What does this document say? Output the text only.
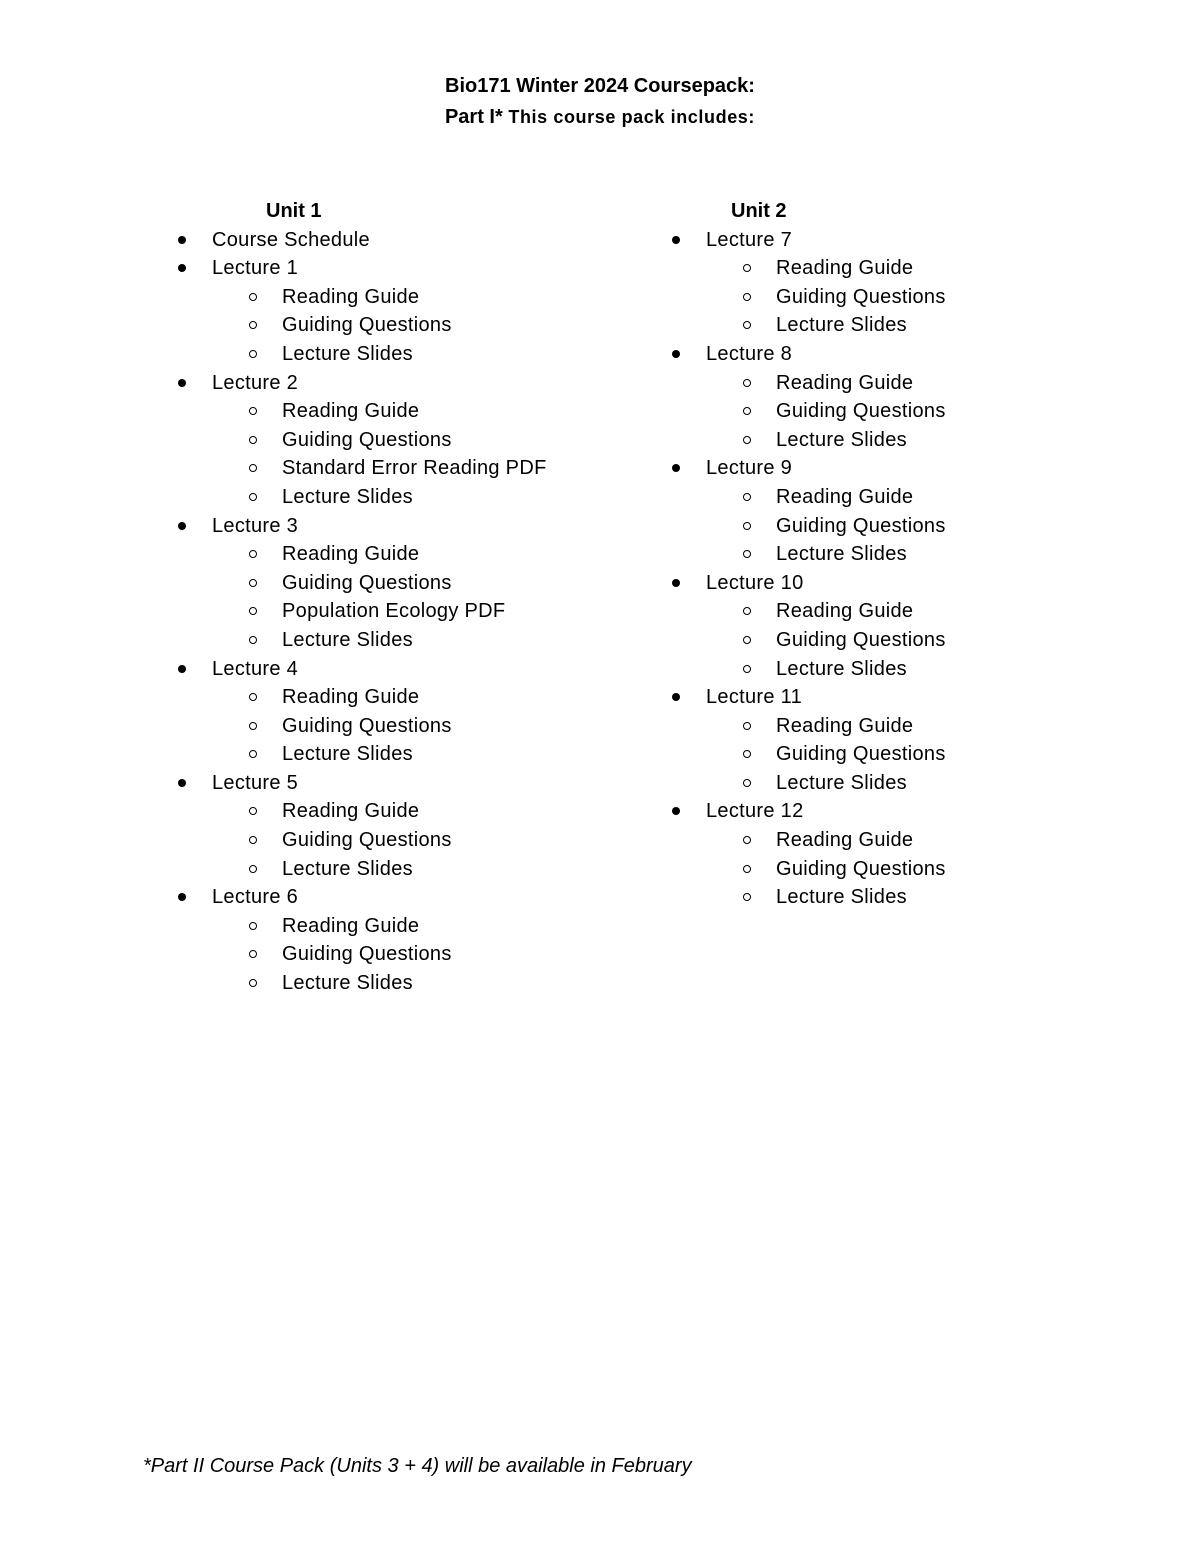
Bio171 Winter 2024 Coursepack:
Part I* This course pack includes:
Unit 1
Course Schedule
Lecture 1
Reading Guide
Guiding Questions
Lecture Slides
Lecture 2
Reading Guide
Guiding Questions
Standard Error Reading PDF
Lecture Slides
Lecture 3
Reading Guide
Guiding Questions
Population Ecology PDF
Lecture Slides
Lecture 4
Reading Guide
Guiding Questions
Lecture Slides
Lecture 5
Reading Guide
Guiding Questions
Lecture Slides
Lecture 6
Reading Guide
Guiding Questions
Lecture Slides
Unit 2
Lecture 7
Reading Guide
Guiding Questions
Lecture Slides
Lecture 8
Reading Guide
Guiding Questions
Lecture Slides
Lecture 9
Reading Guide
Guiding Questions
Lecture Slides
Lecture 10
Reading Guide
Guiding Questions
Lecture Slides
Lecture 11
Reading Guide
Guiding Questions
Lecture Slides
Lecture 12
Reading Guide
Guiding Questions
Lecture Slides
*Part II Course Pack (Units 3 + 4) will be available in February
